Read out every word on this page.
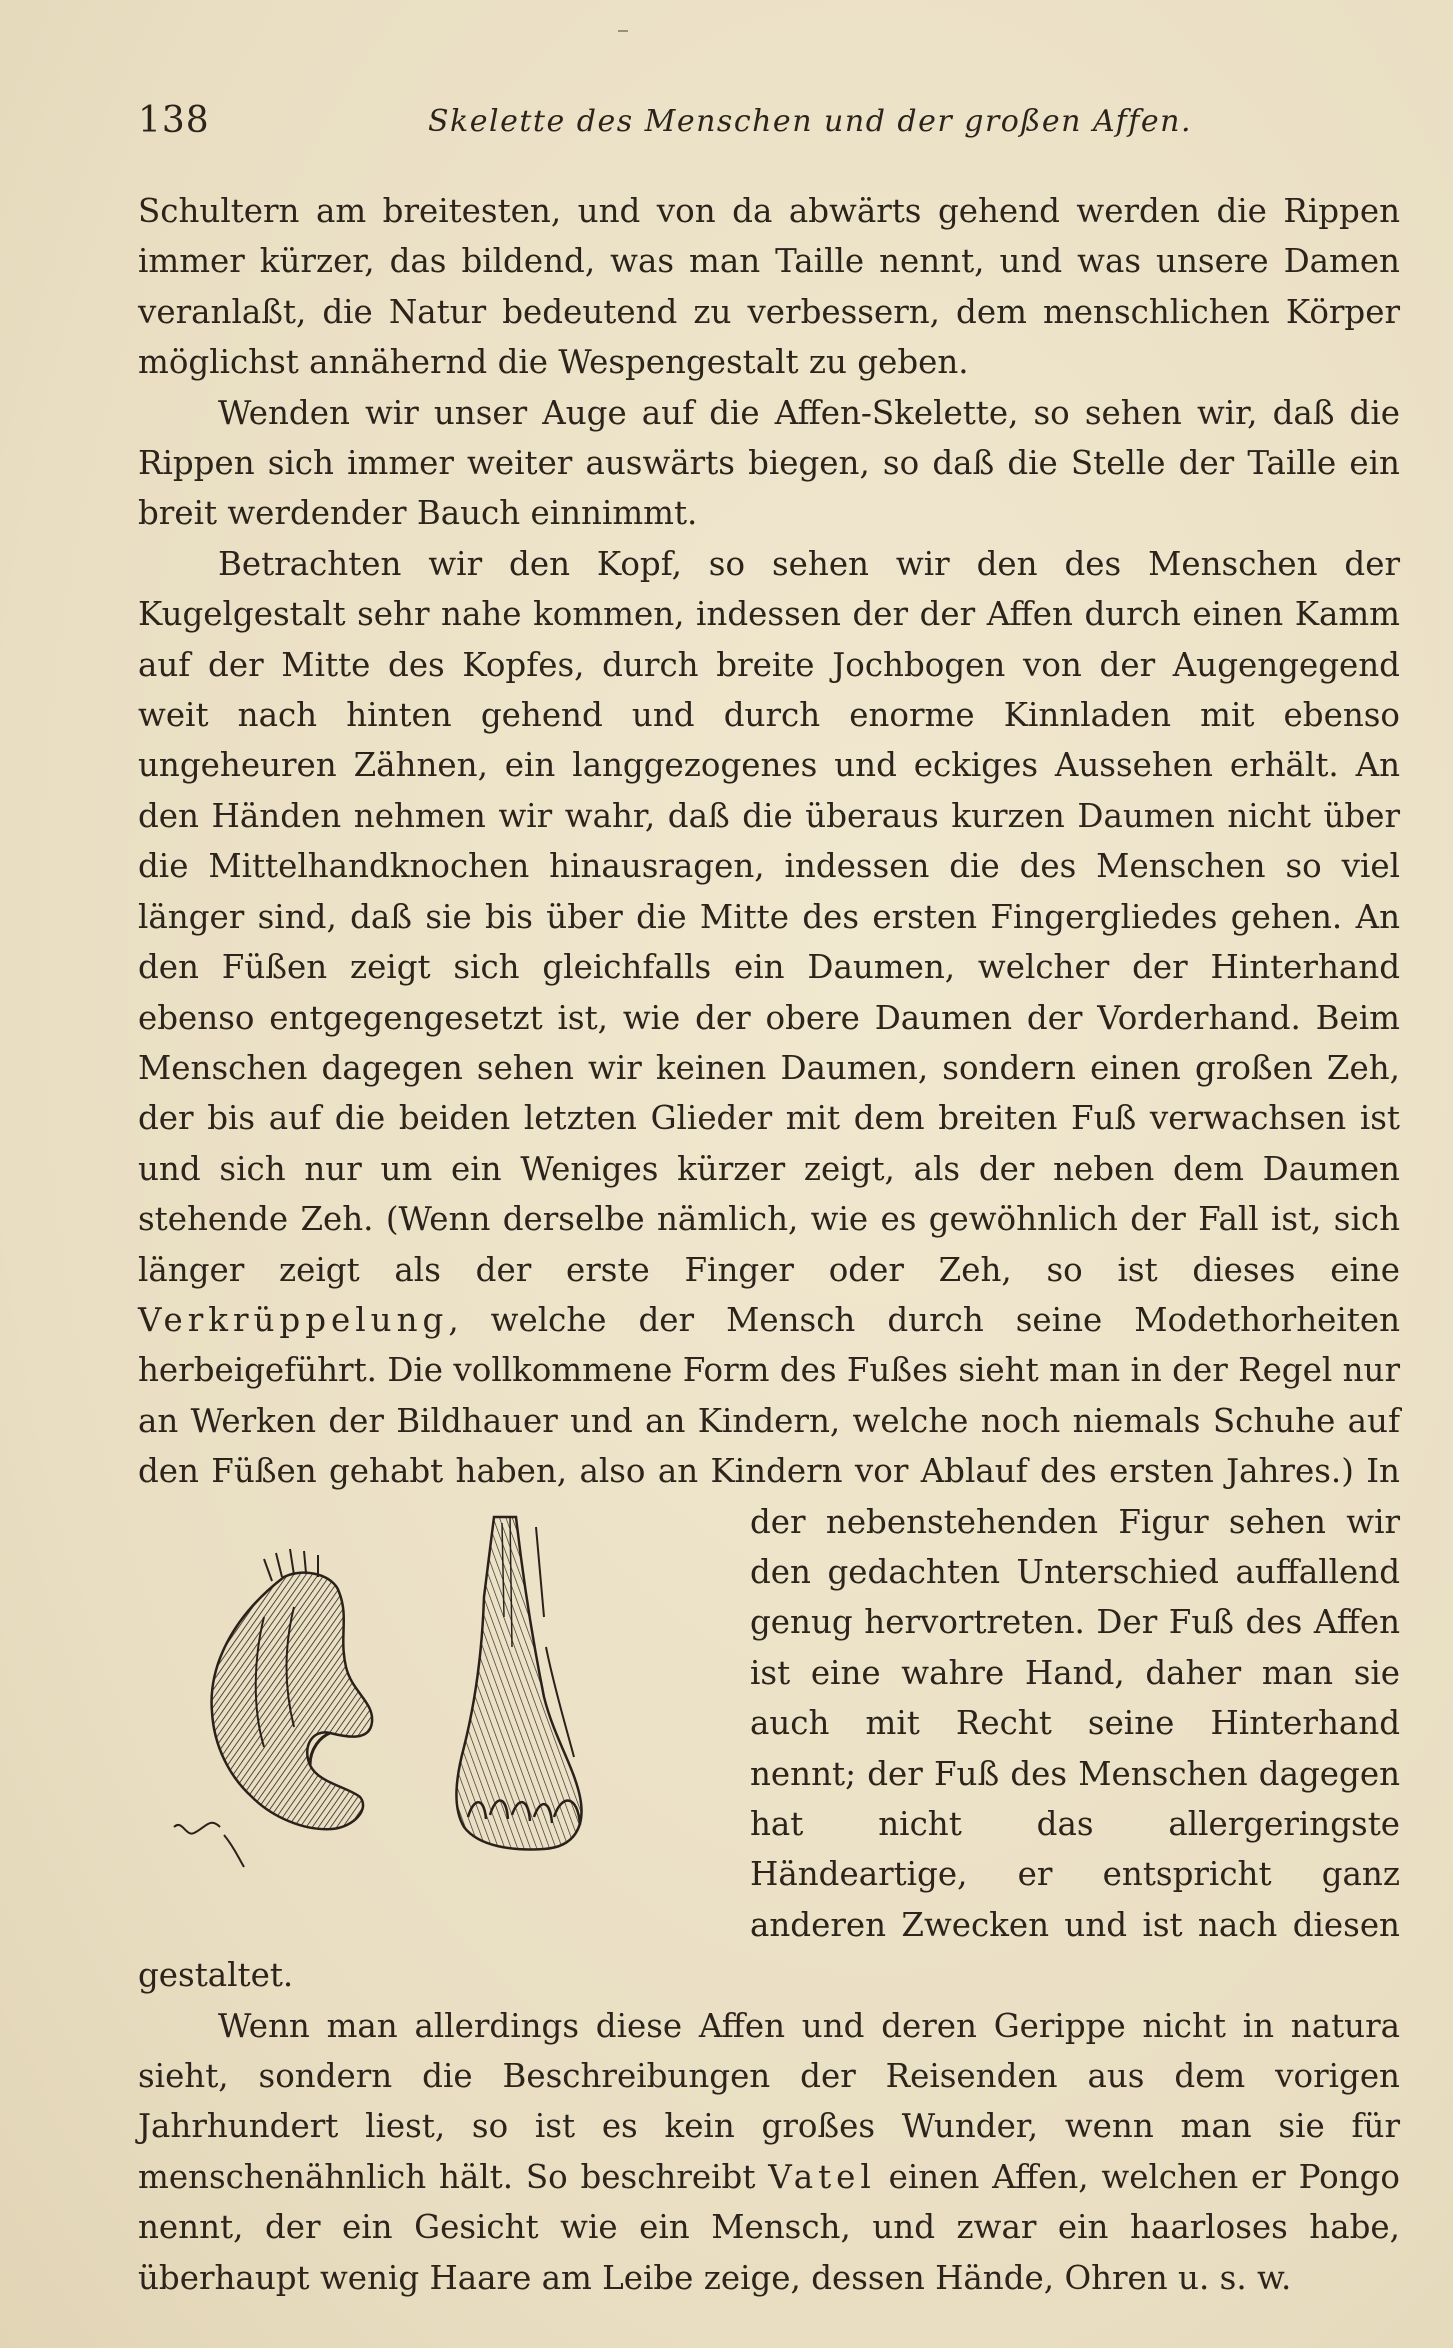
138	Skelette des Menschen und der großen Affen.

Schultern am breitesten, und von da abwärts gehend werden die Rippen immer kürzer, das bildend, was man Taille nennt, und was unsere Damen veranlaßt, die Natur bedeutend zu verbessern, dem menschlichen Körper möglichst annähernd die Wespengestalt zu geben.

Wenden wir unser Auge auf die Affen-Skelette, so sehen wir, daß die Rippen sich immer weiter auswärts biegen, so daß die Stelle der Taille ein breit werdender Bauch einnimmt.

Betrachten wir den Kopf, so sehen wir den des Menschen der Kugelgestalt sehr nahe kommen, indessen der der Affen durch einen Kamm auf der Mitte des Kopfes, durch breite Jochbogen von der Augengegend weit nach hinten gehend und durch enorme Kinnladen mit ebenso ungeheuren Zähnen, ein langgezogenes und eckiges Aussehen erhält. An den Händen nehmen wir wahr, daß die überaus kurzen Daumen nicht über die Mittelhandknochen hinausragen, indessen die des Menschen so viel länger sind, daß sie bis über die Mitte des ersten Fingergliedes gehen. An den Füßen zeigt sich gleichfalls ein Daumen, welcher der Hinterhand ebenso entgegengesetzt ist, wie der obere Daumen der Vorderhand. Beim Menschen dagegen sehen wir keinen Daumen, sondern einen großen Zeh, der bis auf die beiden letzten Glieder mit dem breiten Fuß verwachsen ist und sich nur um ein Weniges kürzer zeigt, als der neben dem Daumen stehende Zeh. (Wenn derselbe nämlich, wie es gewöhnlich der Fall ist, sich länger zeigt als der erste Finger oder Zeh, so ist dieses eine Verkrüppelung, welche der Mensch durch seine Modethorheiten herbeigeführt. Die vollkommene Form des Fußes sieht man in der Regel nur an Werken der Bildhauer und an Kindern, welche noch niemals Schuhe auf den Füßen gehabt haben, also an Kindern vor Ablauf des ersten
Jahres.) In der nebenstehenden Figur sehen wir den gedachten Unterschied auffallend genug hervortreten. Der Fuß des Affen ist eine wahre Hand, daher man sie auch mit Recht seine Hinterhand nennt; der Fuß des Menschen dagegen hat nicht das allergeringste Händeartige, er entspricht ganz anderen Zwecken und ist nach diesen gestaltet.

Wenn man allerdings diese Affen und deren Gerippe nicht in natura sieht, sondern die Beschreibungen der Reisenden aus dem vorigen Jahrhundert liest, so ist es kein großes Wunder, wenn man sie für menschenähnlich hält. So beschreibt Vatel einen Affen, welchen er Pongo nennt, der ein Gesicht wie ein Mensch, und zwar ein haarloses habe, überhaupt wenig Haare am Leibe zeige, dessen Hände, Ohren u. s. w.
